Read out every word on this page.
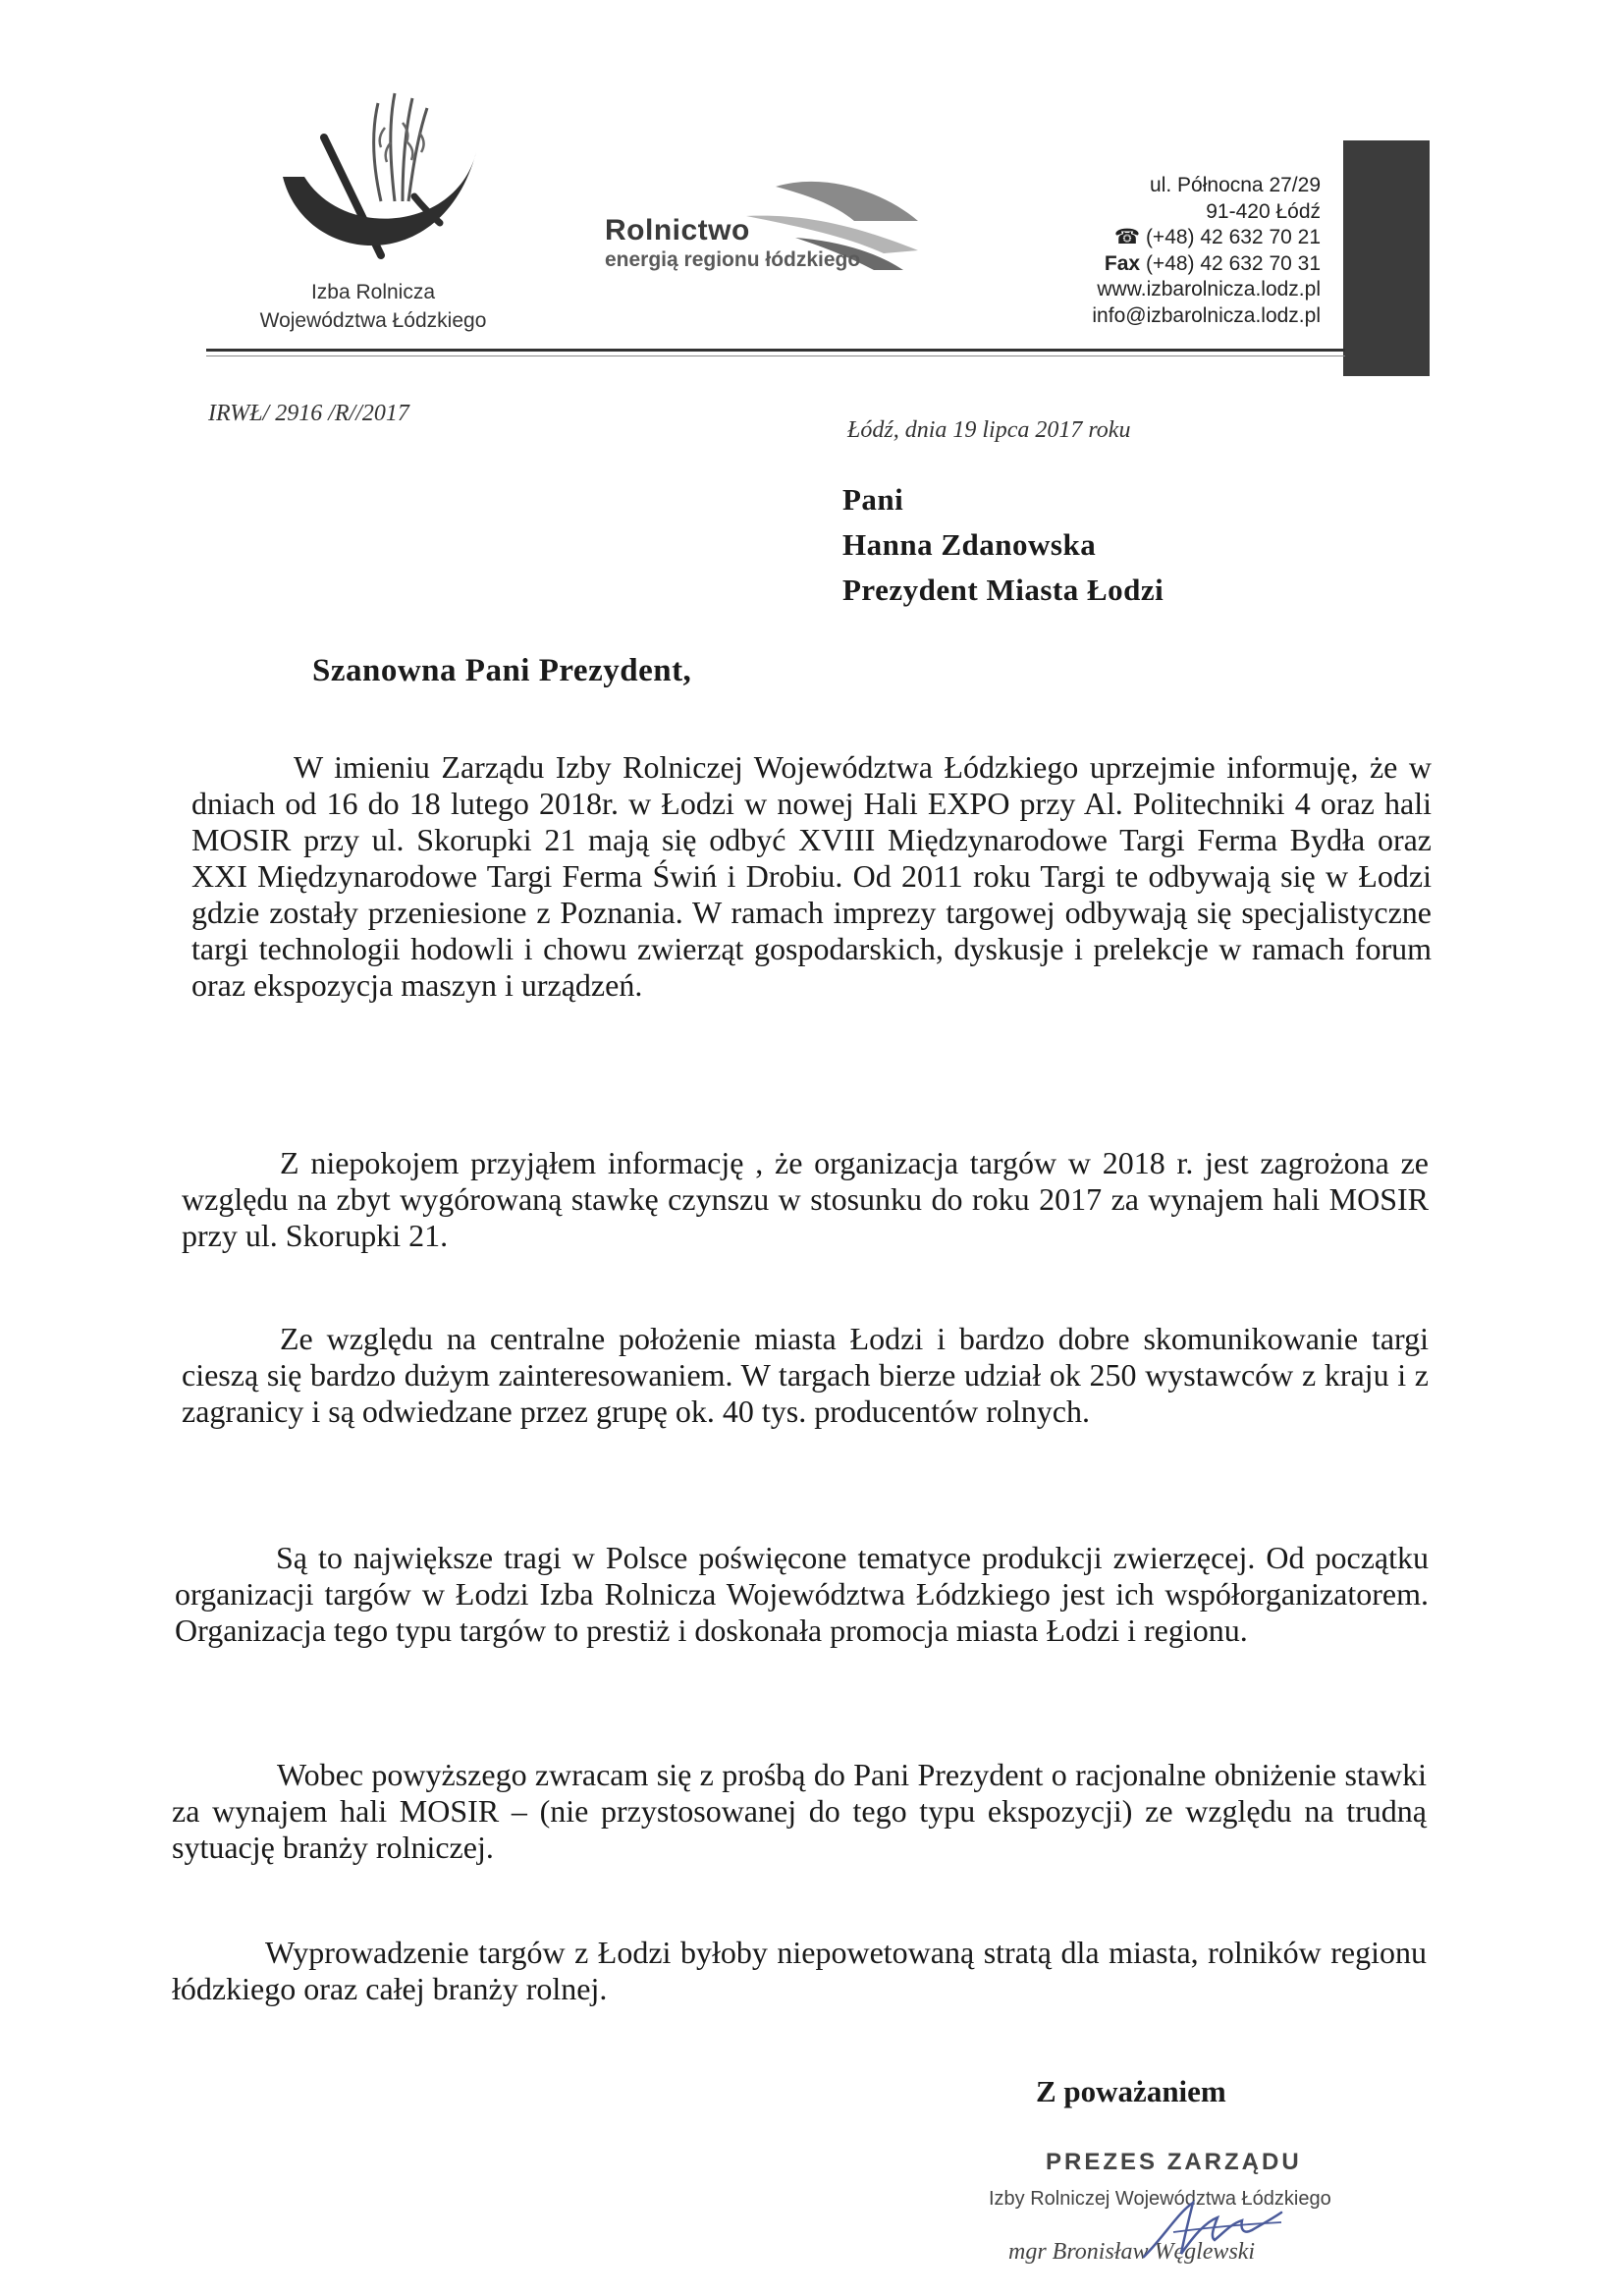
Izba Rolnicza
Województwa Łódzkiego
Rolnictwo
energią regionu łódzkiego
ul. Północna 27/29
91-420 Łódź
☎ (+48) 42 632 70 21
Fax (+48) 42 632 70 31
www.izbarolnicza.lodz.pl
info@izbarolnicza.lodz.pl
IRWŁ/ 2916 /R//2017
Łódź, dnia 19 lipca 2017 roku
Pani
Hanna Zdanowska
Prezydent Miasta Łodzi
Szanowna Pani Prezydent,
W imieniu Zarządu Izby Rolniczej Województwa Łódzkiego uprzejmie informuję, że w dniach od 16 do 18 lutego 2018r. w Łodzi w nowej Hali EXPO przy Al. Politechniki 4 oraz hali MOSIR przy ul. Skorupki 21 mają się odbyć XVIII Międzynarodowe Targi Ferma Bydła oraz XXI Międzynarodowe Targi Ferma Świń i Drobiu. Od 2011 roku Targi te odbywają się w Łodzi gdzie zostały przeniesione z Poznania. W ramach imprezy targowej odbywają się specjalistyczne targi technologii hodowli i chowu zwierząt gospodarskich, dyskusje i prelekcje w ramach forum oraz ekspozycja maszyn i urządzeń.
Z niepokojem przyjąłem informację , że organizacja targów w 2018 r. jest zagrożona ze względu na zbyt wygórowaną stawkę czynszu w stosunku do roku 2017 za wynajem hali MOSIR przy ul. Skorupki 21.
Ze względu na centralne położenie miasta Łodzi i bardzo dobre skomunikowanie targi cieszą się bardzo dużym zainteresowaniem. W targach bierze udział ok 250 wystawców z kraju i z zagranicy i są odwiedzane przez grupę ok. 40 tys. producentów rolnych.
Są to największe tragi w Polsce poświęcone tematyce produkcji zwierzęcej. Od początku organizacji targów w Łodzi Izba Rolnicza Województwa Łódzkiego jest ich współorganizatorem. Organizacja tego typu targów to prestiż i doskonała promocja miasta Łodzi i regionu.
Wobec powyższego zwracam się z prośbą do Pani Prezydent o racjonalne obniżenie stawki za wynajem hali MOSIR – (nie przystosowanej do tego typu ekspozycji) ze względu na trudną sytuację branży rolniczej.
Wyprowadzenie targów z Łodzi byłoby niepowetowaną stratą dla miasta, rolników regionu łódzkiego oraz całej branży rolnej.
Z poważaniem
PREZES ZARZĄDU
Izby Rolniczej Województwa Łódzkiego
mgr Bronisław Węglewski
